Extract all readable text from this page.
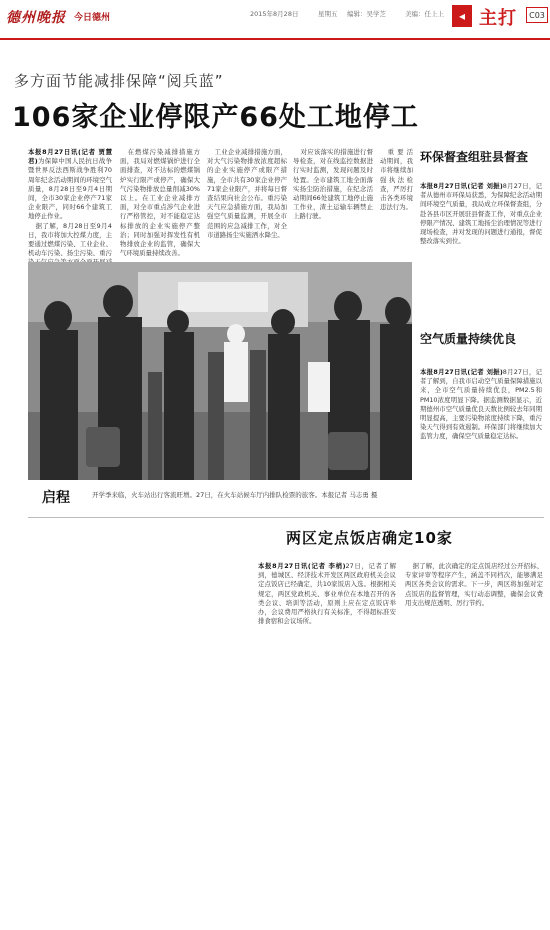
德州晚报 今日德州	2015年8月28日	星期五 编辑：吴学芝	美编：任上上	◂ 主打	C03
多方面节能减排保障“阅兵蓝”
106家企业停限产66处工地停工

本报8月27日讯(记者 贾慧君)为保障中国人民抗日战争暨世界反法西斯战争胜利70周年纪念活动期间的环境空气质量，8月28日至9月4日期间，全市30家企业停产71家企业限产，同时66个建筑工地停止作业。

据了解，8月28日至9月4日，我市将加大控煤力度，主要通过燃煤污染、工业企业、机动车污染、扬尘污染、重污

在燃煤污染减排措施方面，我局对燃煤锅炉进行全面排查，对不达标的燃煤锅炉实行限产或停产，确保大气污染物排放总量削减30%以上。在工业企业减排方面，对全市重点涉气企业进行严格管控，对不能稳定达标排放的企业实施停产整治；同时加强对挥发性有机物排放企业的监管，确保大气环境质量持续改善。

工业企业减排措施方面，对大气污染物排放浓度超标的企业实施停产或限产措施，全市共有30家企业停产71家企业限产，并将每日督查结果向社会公布。重污染天气应急措施方面，我局加强空气质量监测，开展全市范围的应急减排工作，对全市道路扬尘实施洒水降尘。

对应该落实的措施进行督导检查，对在线监控数据进行实时监测，发现问题及时处置。全市建筑工地全面落实扬尘防治措施，在纪念活动期间66处建筑工地停止施工作业，渣土运输车辆禁止上路行驶。

重要活动期间，我市将继续加强执法检查，严厉打击各类环境违法行为。

环保督查组驻县督查

本报8月27日讯(记者 刘振)8月27日，记者从德州市环保局获悉，为保障纪念活动期间环境空气质量，我局成立环保督查组，分赴各县市区开展驻县督查工作，对重点企业停限产情况、建筑工地扬尘治理情况等进行现场检查，并对发现的问题进行通报，督促整改落实到位。

空气质量持续优良

本报8月27日讯(记者 刘振)8月27日，记者了解到，自我市启动空气质量保障措施以来，全市空气质量持续优良，PM2.5和PM10浓度明显下降。据监测数据显示，近期德州市空气质量优良天数比例较去年同期明显提高，主要污染物浓度持续下降，重污染天气得到有效遏制。环保部门将继续加大监管力度，确保空气质量稳定达标。

启程	开学季来临，火车站出行客流旺增。27日，在火车站候车厅内排队检票的旅客。本报记者 马志勇 摄
两区定点饭店确定10家

本报8月27日讯(记者 李梢)27日，记者了解到，德城区、经济技术开发区两区政府机关会议定点饭店已经确定，共10家饭店入选。根据相关规定，两区党政机关、事业单位在本地召开的各类会议、培训等活动，原则上应在定点饭店举办，会议费用严格执行有关标准，不得超标准安排食宿和会议场所。

据了解，此次确定的定点饭店经过公开招标、专家评审等程序产生，涵盖不同档次，能够满足两区各类会议的需求。下一步，两区将加强对定点饭店的监督管理，实行动态调整，确保会议费用支出规范透明、厉行节约。
